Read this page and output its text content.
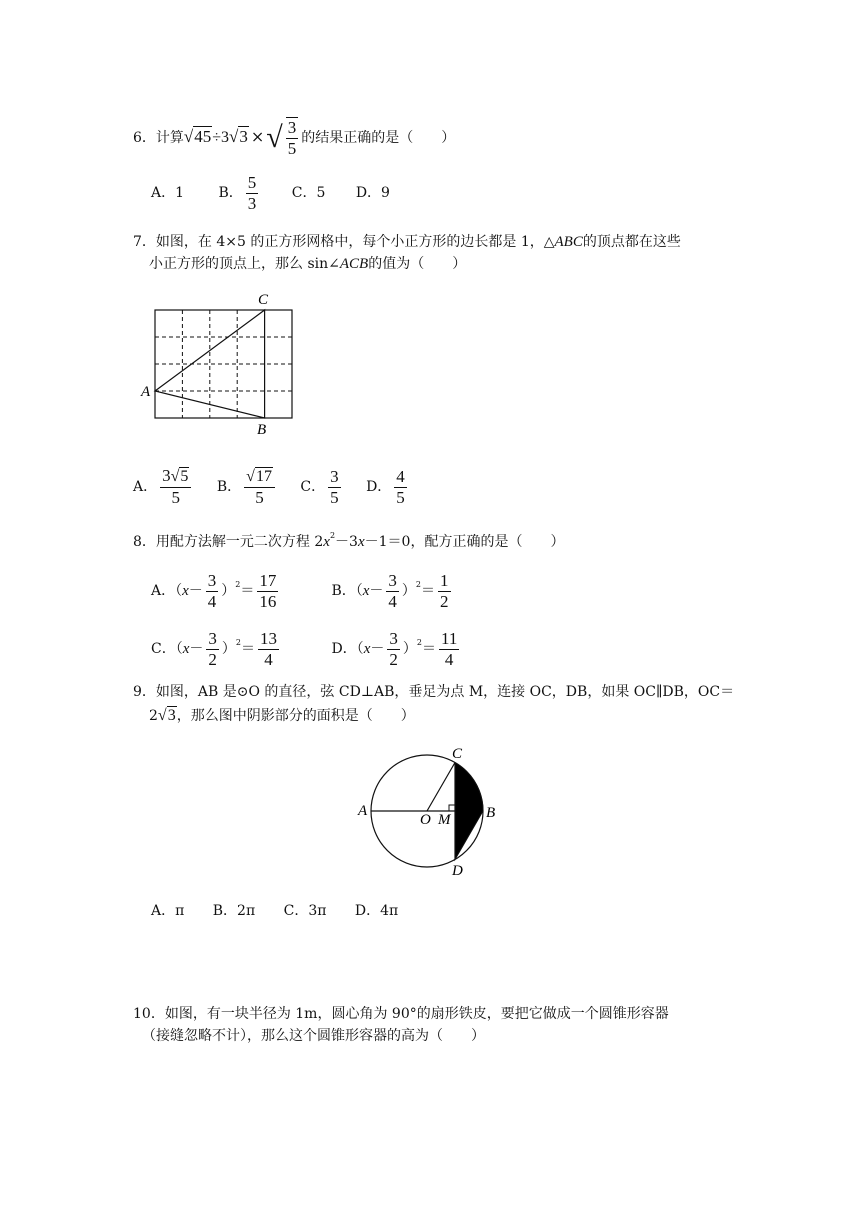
6．计算√45÷3√3 ×√ $\frac{3}{5}$ 的结果正确的是（　　）
A．1 B． $\frac{5}{3}$ C．5 D．9
7．如图，在 4×5 的正方形网格中，每个小正方形的边长都是 1，△ABC的顶点都在这些
小正方形的顶点上，那么 sin∠ACB的值为（　　）
A
C
B
A． $\frac{3√5}{5}$ B． $\frac{√17}{5}$ C． $\frac{3}{5}$ D． $\frac{4}{5}$
8．用配方法解一元二次方程 $2x^2-3x-1=0$，配方正确的是（　　）
A．$(x- \frac{3}{4} )^2= \frac{17}{16}$	B．$(x- \frac{3}{4} )^2= \frac{1}{2}$
C．$(x- \frac{3}{2} )^2= \frac{13}{4}$	D．$(x- \frac{3}{2} )^2= \frac{11}{4}$
9．如图，AB 是⊙O 的直径，弦 CD⊥AB，垂足为点 M，连接 OC，DB，如果 OC∥DB，OC＝
2√3，那么图中阴影部分的面积是（　　）
A
O M B
C
D
A．π B．2π C．3π D．4π
10．如图，有一块半径为 1m，圆心角为 90°的扇形铁皮，要把它做成一个圆锥形容器
（接缝忽略不计），那么这个圆锥形容器的高为（　　）
